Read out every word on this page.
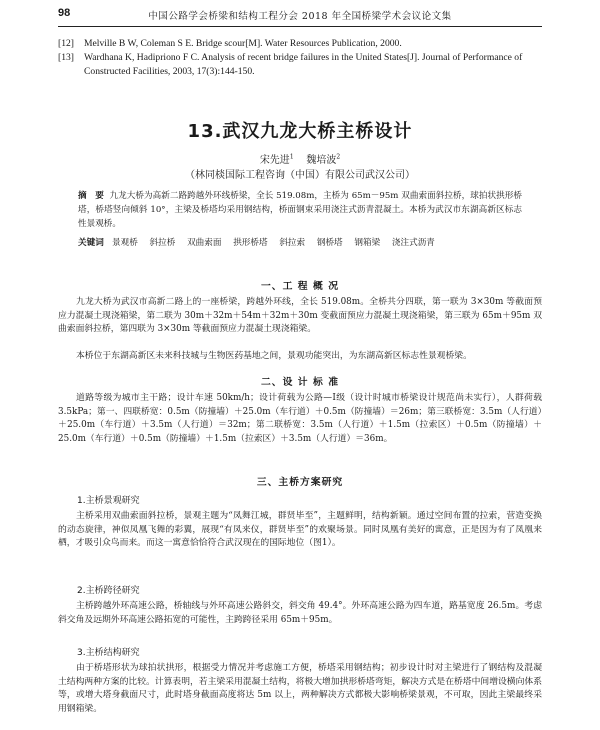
98	中国公路学会桥梁和结构工程分会 2018 年全国桥梁学术会议论文集
[12] Melville B W, Coleman S E. Bridge scour[M]. Water Resources Publication, 2000.
[13] Wardhana K, Hadipriono F C. Analysis of recent bridge failures in the United States[J]. Journal of Performance of Constructed Facilities, 2003, 17(3):144-150.
13.武汉九龙大桥主桥设计
宋先进$^1$ 魏培波$^2$
（林同棪国际工程咨询（中国）有限公司武汉公司）
摘　要 九龙大桥为高新二路跨越外环线桥梁，全长 519.08m，主桥为 65m－95m 双曲索面斜拉桥，球拍状拱形桥塔，桥塔竖向倾斜 10°，主梁及桥塔均采用钢结构，桥面钢束采用浇注式沥青混凝土。本桥为武汉市东湖高新区标志性景观桥。
关键词 景观桥 斜拉桥 双曲索面 拱形桥塔 斜拉索 钢桥塔 钢箱梁 浇注式沥青
一、工 程 概 况
九龙大桥为武汉市高新二路上的一座桥梁，跨越外环线，全长 519.08m。全桥共分四联，第一联为 3×30m 等截面预应力混凝土现浇箱梁，第二联为 30m＋32m＋54m＋32m＋30m 变截面预应力混凝土现浇箱梁，第三联为 65m＋95m 双曲索面斜拉桥，第四联为 3×30m 等截面预应力混凝土现浇箱梁。
本桥位于东湖高新区未来科技城与生物医药基地之间，景观功能突出，为东湖高新区标志性景观桥梁。
二、设 计 标 准
道路等级为城市主干路；设计车速 50km/h；设计荷载为公路—Ⅰ级（设计时城市桥梁设计规范尚未实行），人群荷载 3.5kPa；第一、四联桥宽：0.5m（防撞墙）＋25.0m（车行道）＋0.5m（防撞墙）＝26m；第三联桥宽：3.5m（人行道）＋25.0m（车行道）＋3.5m（人行道）＝32m；第二联桥宽：3.5m（人行道）＋1.5m（拉索区）＋0.5m（防撞墙）＋25.0m（车行道）＋0.5m（防撞墙）＋1.5m（拉索区）＋3.5m（人行道）＝36m。
三、主桥方案研究
1.主桥景观研究
主桥采用双曲索面斜拉桥，景观主题为“凤舞江城，群贤毕至”，主题鲜明，结构新颖。通过空间布置的拉索，营造变换的动态旋律，神似凤凰飞舞的彩翼，展现“有凤来仪，群贤毕至”的欢聚场景。同时凤凰有美好的寓意，正是因为有了凤凰来栖，才吸引众鸟而来。而这一寓意恰恰符合武汉现在的国际地位（图1）。
2.主桥跨径研究
主桥跨越外环高速公路，桥轴线与外环高速公路斜交，斜交角 49.4°。外环高速公路为四车道，路基宽度 26.5m。考虑斜交角及远期外环高速公路拓宽的可能性，主跨跨径采用 65m＋95m。
3.主桥结构研究
由于桥塔形状为球拍状拱形，根据受力情况并考虑施工方便，桥塔采用钢结构；初步设计时对主梁进行了钢结构及混凝土结构两种方案的比较。计算表明，若主梁采用混凝土结构，将极大增加拱形桥塔弯矩，解决方式是在桥塔中间增设横向体系等，或增大塔身截面尺寸，此时塔身截面高度将达 5m 以上，两种解决方式都极大影响桥梁景观，不可取，因此主梁最终采用钢箱梁。
